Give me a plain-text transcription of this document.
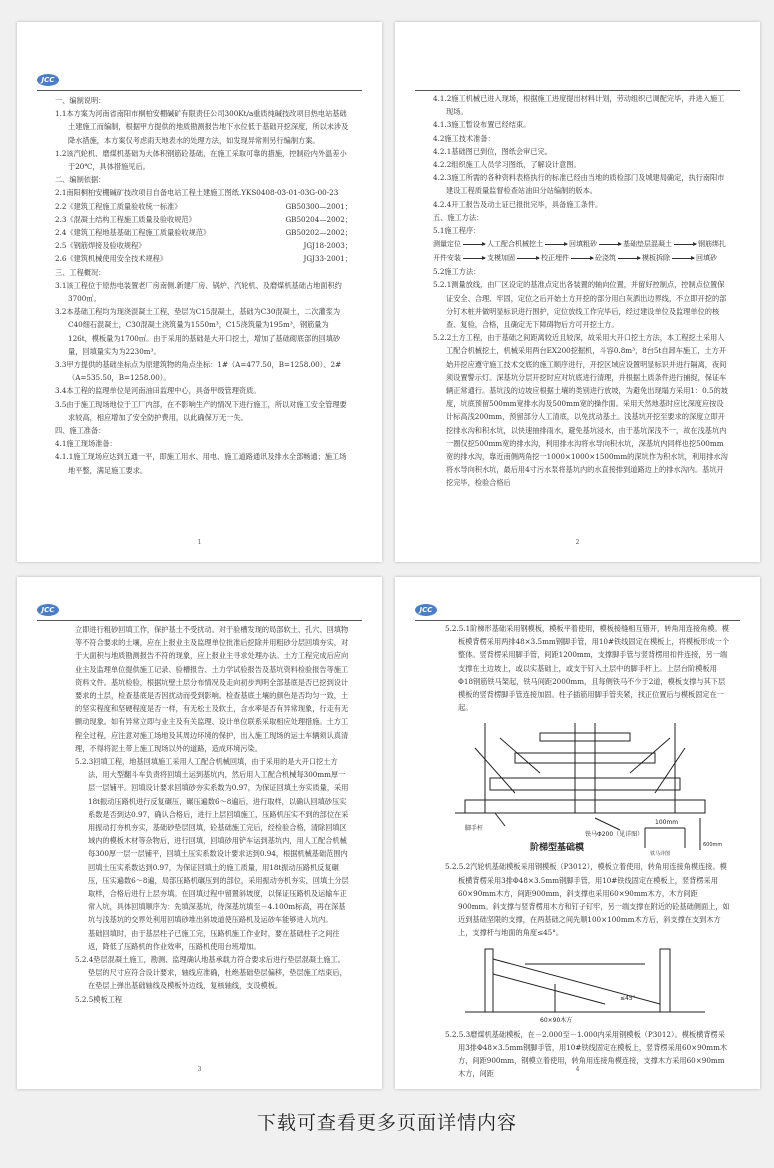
JCC

一、编制说明：

1.1本方案为河南省南阳市桐柏安棚碱矿有限责任公司300Kt/a重质纯碱技改项目热电站基础土建施工而编制，根据甲方提供的地质勘测报告地下水位低于基础开挖深度，所以未涉及降水措施，本方案仅考虑雨天地表水的处理方法，如发现异常则另行编制方案。

1.2该汽轮机、磨煤机基础为大体积钢筋砼基础，在施工采取可靠的措施，控制砼内外温差小于20℃，具体措施见后。

二、编制依据：

2.1南阳桐柏安棚碱矿技改项目自备电站工程土建施工图纸.YKS0408-03-01-03G-00-23

2.2《建筑工程施工质量验收统一标准》	GB50300—2001；
2.3《混凝土结构工程施工质量及验收规范》	GB50204—2002；
2.4《建筑工程地基基础工程施工质量验收规范》	GB50202—2002；
2.5《钢筋焊接及验收规程》	JGJ18-2003；
2.6《建筑机械使用安全技术规程》	JGJ33-2001；

三、工程概况：

3.1该工程位于原热电装置老厂房南侧.新建厂房、锅炉、汽轮机、及磨煤机基础占地面积约3700㎡。

3.2本基础工程均为现浇混凝土工程，垫层为C15混凝土，基础为C30混凝土，二次灌浆为C40细石混凝土，C30混凝土浇筑量为1550m³，C15浇筑量为195m³，钢筋量为126t，模板量为1700㎡。由于采用的基础是大开口挖土，增加了基础砌底部的回填砂量，回填量实为为2230m³。

3.3甲方提供的基础坐标点为原建筑物的角点坐标：1#（A=477.50，B=1258.00）、2#（A=535.50，B=1258.00）。

3.4本工程的监理单位是河南油田监理中心，具备甲级管理资质。

3.5由于施工现场地位于工厂内部，在不影响生产的情况下进行施工，所以对施工安全管理要求较高，相应增加了安全防护费用，以此确保万无一失。

四、施工准备：

4.1施工现场准备：

4.1.1施工现场应达到五通一平，即施工用水、用电、施工道路通讯及排水全部畅通；施工场地平整，满足施工要求。

1

4.1.2施工机械已进入现场，根据施工进度提出材料计划，劳动组织已调配完毕，并进入施工现场。

4.1.3施工暂设布置已经结束。

4.2施工技术准备：

4.2.1基础图已到位，图纸会审已完。

4.2.2组织施工人员学习图纸，了解设计意图。

4.2.3施工所需的各种资料表格执行的标准已经由当地的质检部门及城建局确定，执行南阳市建设工程质量监督检查站油田分站编制的版本。

4.2.4开工报告及动土证已报批完毕，具备施工条件。

五、施工方法：

5.1施工程序：

测量定位	人工配合机械挖土	回填粗砂	基础垫层混凝土	钢筋绑扎
开件安装	支模加固	校正埋件	砼浇筑	模板拆除	回填砂

5.2施工方法：

5.2.1测量放线，由厂区设定的基准点定出各装置的轴向位置，并留好控制点，控制点位置保证安全、合理、牢固，定位之后开始土方开挖的部分用白灰洒出边界线，不立即开挖的部分钉木桩并做明显标识进行围护，定位放线工作完毕后，经过建设单位及监理单位的核查、复验，合格，且确定无下障碍物后方可开挖土方。

5.2.2土方工程，由于基础之间距离较近且较深，故采用大开口挖土方法，本工程挖土采用人工配合机械挖土，机械采用两台EX200挖掘机，斗容0.8m³，8台5t自卸车施工，土方开始开挖应遵守施工技术交底的施工顺序进行，开挖区域应设置明显标识并进行隔离，夜间须设置警示灯。深基坑分层开挖时应对坑底进行清理，并根据土质条件进行捕捉，保证车辆正常通行。基坑浅的边坡应根据土壤的类别进行放坡，为避免出现塌方采用1：0.5的坡度，坑底预留500mm宽排水沟及500mm宽的操作面。采用天然地基时应比深度应按设计标高浅200mm，预留部分人工清底，以免扰动基土。浅基坑开挖至要求的深度立即开挖排水沟和积水坑，以快速抽排雨水，避免基坑浸水，由于基坑深浅不一，故在浅基坑内一圈仅挖500mm宽的排水沟，利用排水沟将水导向积水坑，深基坑内同样也挖500mm宽的排水沟，靠近南侧两角挖一1000×1000×1500mm的深坑作为积水坑，利用排水沟将水导向积水坑，最后用4寸污水泵将基坑内的水直接排到道路边上的排水沟内。基坑开挖完毕，检验合格后

2
JCC

立即进行粗砂回填工作，保护基土不受扰动。对于验槽发现的局部软土、孔穴、回填物等不符合要求的土壤，应在上报业主及监理单位批准后挖除并用粗砂分层回填夯实，对于大面积与地质勘测报告不符的现象，应上报业主寻求处理办法。土方工程完成后应向业主及监理单位提供施工记录、验槽报告、土力学试验报告及基坑资料检验报告等施工资料文件。基坑检验，根据坑壁土层分布情况及走向初步判明全部基底是否已挖到设计要求的土层，检查基底是否因扰动而受到影响。检查基底土壤的颜色是否均匀一致，土的坚实程度和坚硬程度是否一样，有无松土及软土，含水率是否有异常现象，行走有无颤动现象。如有异常立即与业主及有关监理、设计单位联系采取相应处理措施。土方工程全过程，应注意对施工场地及其周边环境的保护，出入施工现场的运土车辆须认真清理，不得将泥土带上施工现场以外的道路，造成环境污染。

5.2.3回填工程，地基回填施工采用人工配合机械回填，由于采用的是大开口挖土方法，用大型翻斗车负责将回填土运到基坑内，然后用人工配合机械每300mm厚一层一层铺平。回填设计要求回填砂夯实系数为0.97，为保证回填土夯实质量，采用18t振动压路机进行反复碾压，碾压遍数6～8遍后，进行取样，以确认回填砂压实系数是否到达0.97，确认合格后，进行上层回填施工，压路机压实不到的部位在采用振动打夯机夯实，基础砂垫层回填，砼基础施工完后，经检验合格，清除回填区域内的模板木材等杂物后，进行回填，回填砂用铲车运到基坑内，用人工配合机械每300厚一层一层铺平，回填土压实系数设计要求达到0.94，根据机械基础范围内回填土压实系数达到0.97，为保证回填土的施工质量，用18t振动压路机反复碾压，压实遍数6～8遍，局部压路机碾压到的部位，采用振动夯机夯实，回填土分层取样，合格后进行上层夯填。在回填过程中留置斜坡度，以保证压路机及运输车正常入坑，具体回填顺序为：先填深基坑，待深基坑填至－4.100m标高，再在深基坑与浅基坑的交界处利用回填砂堆出斜坡道使压路机及运砂车能够进入坑内。

基础回填时，由于基层柱子已施工完，压路机施工作业时，要在基础柱子之间往返，降低了压路机的作业效率，压路机使用台班增加。

5.2.4垫层混凝土施工，勘测、监理确认地基承载力符合要求后进行垫层混凝土施工。垫层的尺寸应符合设计要求，轴线应准确，杜绝基础垫层偏移，垫层施工结束后，在垫层上弹出基础轴线及模板外边线，复核轴线，支设模板。

5.2.5模板工程

3
JCC

5.2.5.1阶梯形基础采用钢模板，模板平着使用，模板接缝相互错开，转角用连接角模。模板模背楞采用两排48×3.5mm钢脚手管，用10#铁线固定在模板上，将模板形成一个整体。竖背楞采用脚手管，间距1200mm，支撑脚手管与竖背楞用扣件连接，另一端支撑在土边坡上，或以实基础上，或支于钉入土层中的脚手杆上。上层台阶模板用Φ18钢筋铁马架起，铁马间距2000mm，且每侧铁马不少于2道，模板支撑与其下层模板的竖背楞脚手管连接加固。柱子插筋用脚手管夹紧，找正位置后与模板固定在一起。

脚手杆
铁马Φ200（见详图）
100mm
600mm
铁马详图
阶梯型基础模

5.2.5.2汽轮机基础模板采用钢模板（P3012），模板立着使用，转角用连接角模连接。模板横背楞采用3排Φ48×3.5mm钢脚手管，用10#铁线固定在模板上，竖背楞采用60×90mm木方，间距900mm，斜支撑也采用60×90mm木方，木方间距900mm。斜支撑与竖背楞用木方和钉子钉牢，另一端支撑在附近的砼基础侧面上，如近到基础坚限的支撑，在两基础之间先顺100×100mm木方后，斜支撑在支到木方上，支撑杆与地面的角度≤45°。

60×90木方
≤45°

5.2.5.3磨煤机基础模板，在－2.000至－1.000内采用钢模板（P3012）。模板横背楞采用3排Φ48×3.5mm钢脚手管，用10#铁线固定在模板上，竖背楞采用60×90mm木方，间距900mm，钢模立着使用，转角用连接角模连接，支撑木方采用60×90mm木方，间距	4
下载可查看更多页面详情内容
